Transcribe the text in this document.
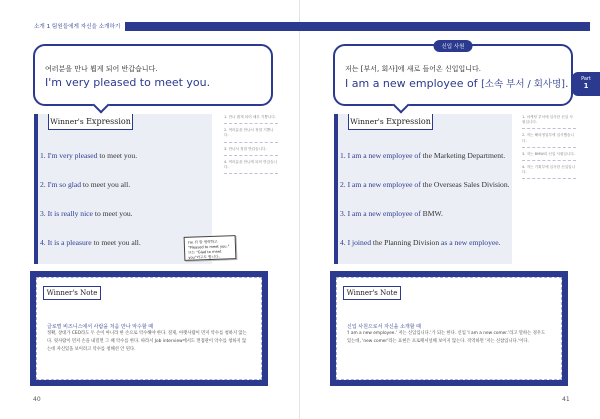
소개 1 팀원들에게 자신을 소개하기
여러분을 만나 뵙게 되어 반갑습니다.
I'm very pleased to meet you.
Winner's Expression
1. I'm very pleased to meet you.
2. I'm so glad to meet you all.
3. It is really nice to meet you.
4. It is a pleasure to meet you all.
1. 만나 뵙게 되어 매우 기쁩니다.
2. 여러분을 만나서 정말 기쁩니다.
3. 만나서 정말 반갑습니다.
4. 여러분을 만나게 되어 반갑습니다.
I'm 뒤 말 생략하고 "Pleased to meet you." 또는 "Glad to meet you"라고도 합니다.
Winner's Note
글로벌 비즈니스에서 사람을 처음 만나 악수할 때
정확, 상대가 CEO라도 두 손이 아니라 한 손으로 악수해야 한다. 절제, 아랫사람이 먼저 악수를 청하지 않는다. 윗사람이 먼저 손을 내밀면 그 때 악수를 한다. 따라서 Job interview에서도 면접관이 악수를 청하지 않는데 자신있을 보이려고 악수를 청해선 안 된다.
40
신입 사원
저는 [부서, 회사]에 새로 들어온 신입입니다.
I am a new employee of [소속 부서 / 회사명].	Part
1
Winner's Expression
1. I am a new employee of the Marketing Department.
2. I am a new employee of the Overseas Sales Division.
3. I am a new employee of BMW.
4. I joined the Planning Division as a new employee.
1. 마케팅 부서에 입사한 신입 사원입니다.
2. 저는 해외영업부에 입사했습니다.
3. 저는 BMW의 신입 사원입니다.
4. 저는 기획부에 입사한 신입입니다.
Winner's Note
신입 사원으로서 자신을 소개할 때
'I am a new employee.' 저는 신입입니다.'가 되는 한다. 신입 'I am a new comer.'라고 말하는 경우도 있는데, 'new comer'라는 표현은 프로페셔널해 보이지 않는다. 직역하면 '저는 신참입니다.'이다.
41
